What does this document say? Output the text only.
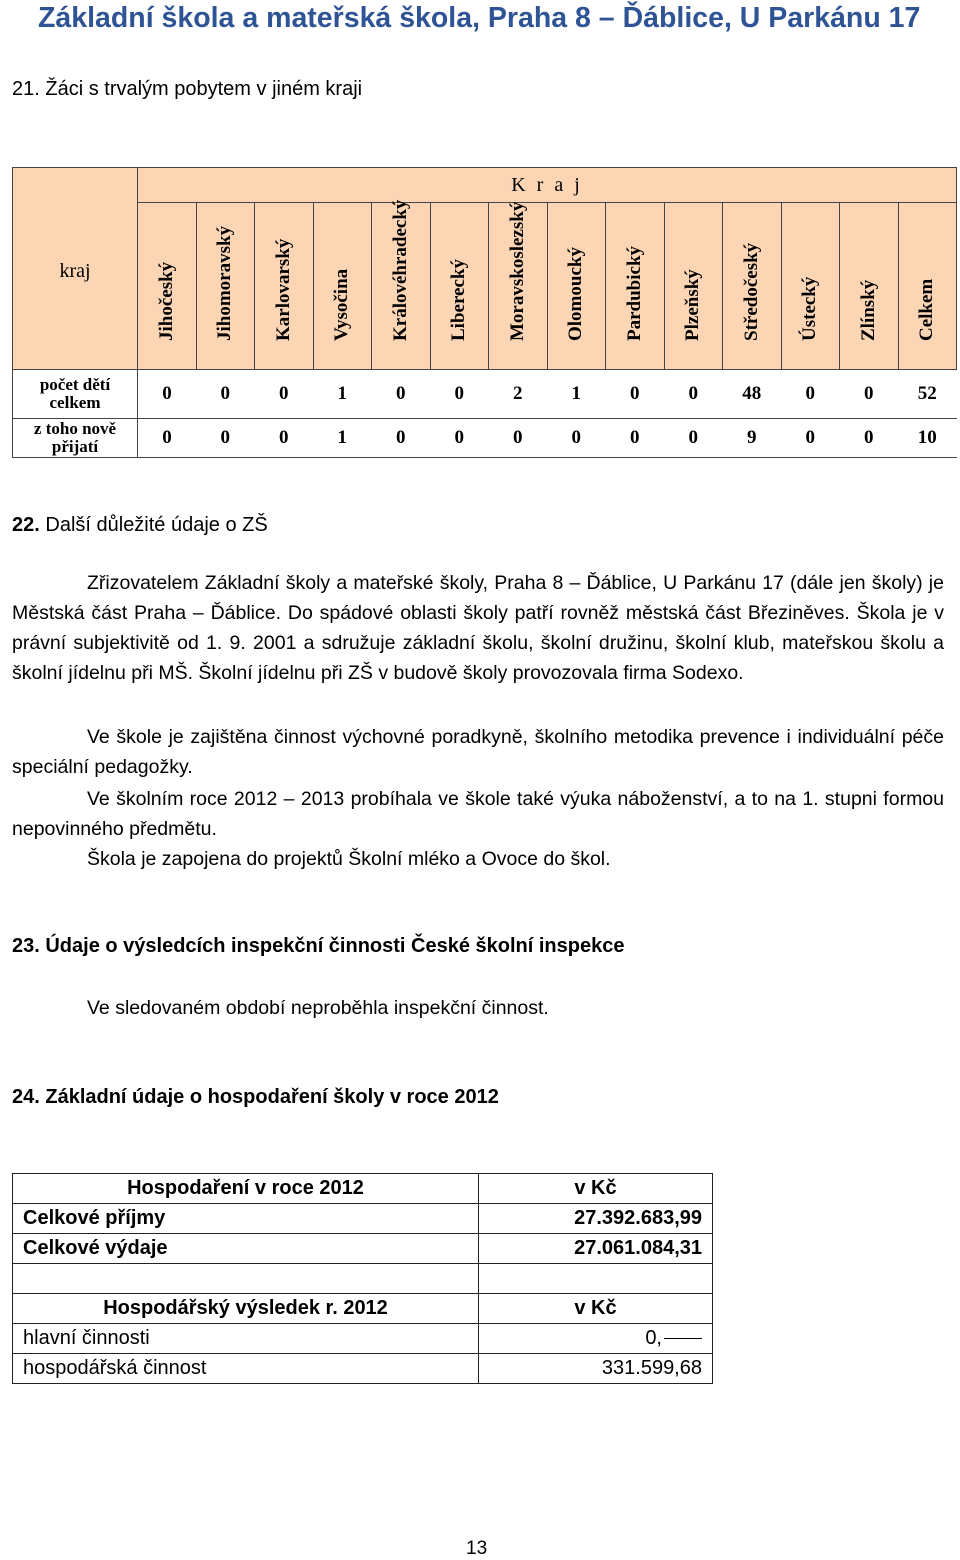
Základní škola a mateřská škola, Praha 8 – Ďáblice, U Parkánu 17
21. Žáci s trvalým pobytem v jiném kraji
kraj	K r a j													

	Jihočeský	Jihomoravský	Karlovarský	Vysočina	Královéhradecký	Liberecký	Moravskoslezský	Olomoucký	Pardubický	Plzeňský	Středočeský	Ústecký	Zlínský	Celkem

počet dětí celkem	0	0	0	1	0	0	2	1	0	0	48	0	0	52
z toho nově přijatí	0	0	0	1	0	0	0	0	0	0	9	0	0	10
22. Další důležité údaje o ZŠ
Zřizovatelem Základní školy a mateřské školy, Praha 8 – Ďáblice, U Parkánu 17 (dále jen školy) je Městská část Praha – Ďáblice. Do spádové oblasti školy patří rovněž městská část Březiněves. Škola je v právní subjektivitě od 1. 9. 2001 a sdružuje základní školu, školní družinu, školní klub, mateřskou školu a školní jídelnu při MŠ. Školní jídelnu při ZŠ v budově školy provozovala firma Sodexo.
Ve škole je zajištěna činnost výchovné poradkyně, školního metodika prevence i individuální péče speciální pedagožky.
Ve školním roce 2012 – 2013 probíhala ve škole také výuka náboženství, a to na 1. stupni formou nepovinného předmětu.
Škola je zapojena do projektů Školní mléko a Ovoce do škol.
23. Údaje o výsledcích inspekční činnosti České školní inspekce
Ve sledovaném období neproběhla inspekční činnost.
24. Základní údaje o hospodaření školy v roce 2012
Hospodaření v roce 2012	v Kč
Celkové příjmy	27.392.683,99
Celkové výdaje	27.061.084,31

Hospodářský výsledek r. 2012	v Kč
hlavní činnosti	0,
hospodářská činnost	331.599,68
13
